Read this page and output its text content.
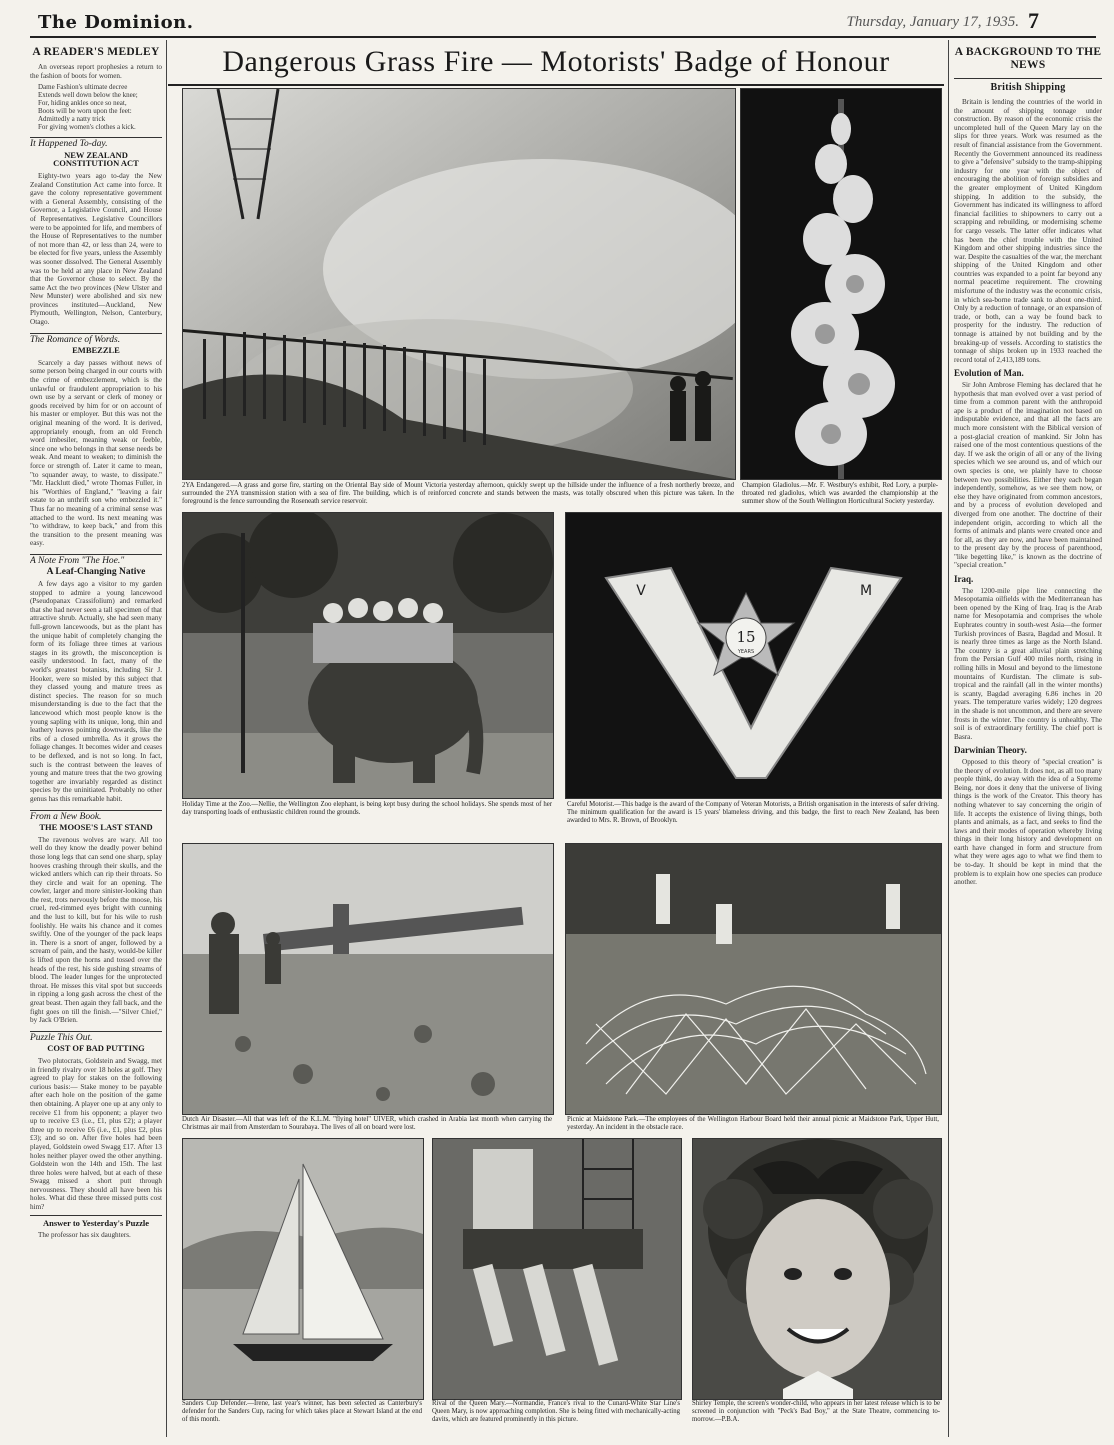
The Dominion.	Thursday, January 17, 1935. 7
A READER'S MEDLEY

An overseas report prophesies a return to the fashion of boots for women.

Dame Fashion's ultimate decree
Extends well down below the knee;
For, hiding ankles once so neat,
Boots will be worn upon the feet:
Admittedly a natty trick
For giving women's clothes a kick.
It Happened To-day.
NEW ZEALAND CONSTITUTION ACT

Eighty-two years ago to-day the New Zealand Constitution Act came into force. It gave the colony representative government with a General Assembly, consisting of the Governor, a Legislative Council, and House of Representatives. Legislative Councillors were to be appointed for life, and members of the House of Representatives to the number of not more than 42, or less than 24, were to be elected for five years, unless the Assembly was sooner dissolved. The General Assembly was to be held at any place in New Zealand that the Governor chose to select. By the same Act the two provinces (New Ulster and New Munster) were abolished and six new provinces instituted—Auckland, New Plymouth, Wellington, Nelson, Canterbury, Otago.

The Romance of Words.
EMBEZZLE

Scarcely a day passes without news of some person being charged in our courts with the crime of embezzlement, which is the unlawful or fraudulent appropriation to his own use by a servant or clerk of money or goods received by him for or on account of his master or employer. But this was not the original meaning of the word. It is derived, appropriately enough, from an old French word imbesiler, meaning weak or feeble, since one who belongs in that sense needs be weak. And meant to weaken; to diminish the force or strength of. Later it came to mean, "to squander away, to waste, to dissipate." "Mr. Hacklutt died," wrote Thomas Fuller, in his "Worthies of England," "leaving a fair estate to an unthrift son who embezzled it." Thus far no meaning of a criminal sense was attached to the word. Its next meaning was "to withdraw, to keep back," and from this the transition to the present meaning was easy.

A Note From "The Hoe."
A Leaf-Changing Native

A few days ago a visitor to my garden stopped to admire a young lancewood (Pseudopanax Crassifolium) and remarked that she had never seen a tall specimen of that attractive shrub. Actually, she had seen many full-grown lancewoods, but as the plant has the unique habit of completely changing the form of its foliage three times at various stages in its growth, the misconception is easily understood. In fact, many of the world's greatest botanists, including Sir J. Hooker, were so misled by this subject that they classed young and mature trees as distinct species. The reason for so much misunderstanding is due to the fact that the lancewood which most people know is the young sapling with its unique, long, thin and leathery leaves pointing downwards, like the ribs of a closed umbrella. As it grows the foliage changes. It becomes wider and ceases to be deflexed, and is not so long. In fact, such is the contrast between the leaves of young and mature trees that the two growing together are invariably regarded as distinct species by the uninitiated. Probably no other genus has this remarkable habit.

From a New Book.
THE MOOSE'S LAST STAND

The ravenous wolves are wary. All too well do they know the deadly power behind those long legs that can send one sharp, splay hooves crashing through their skulls, and the wicked antlers which can rip their throats. So they circle and wait for an opening. The cowler, larger and more sinister-looking than the rest, trots nervously before the moose, his cruel, red-rimmed eyes bright with cunning and the lust to kill, but for his wile to rush foolishly. He waits his chance and it comes swiftly. One of the younger of the pack leaps in. There is a snort of anger, followed by a scream of pain, and the hasty, would-be killer is lifted upon the horns and tossed over the heads of the rest, his side gushing streams of blood. The leader lunges for the unprotected throat. He misses this vital spot but succeeds in ripping a long gash across the chest of the great beast. Then again they fall back, and the fight goes on till the finish.—"Silver Chief," by Jack O'Brien.

Puzzle This Out.
COST OF BAD PUTTING

Two plutocrats, Goldstein and Swagg, met in friendly rivalry over 18 holes at golf. They agreed to play for stakes on the following curious basis:— Stake money to be payable after each hole on the position of the game then obtaining. A player one up at any only to receive £1 from his opponent; a player two up to receive £3 (i.e., £1, plus £2); a player three up to receive £6 (i.e., £1, plus £2, plus £3); and so on. After five holes had been played, Goldstein owed Swagg £17. After 13 holes neither player owed the other anything. Goldstein won the 14th and 15th. The last three holes were halved, but at each of these Swagg missed a short putt through nervousness. They should all have been his holes. What did these three missed putts cost him?

Answer to Yesterday's Puzzle

The professor has six daughters.

A BACKGROUND TO THE NEWS
British Shipping

Britain is lending the countries of the world in the amount of shipping tonnage under construction. By reason of the economic crisis the uncompleted hull of the Queen Mary lay on the slips for three years. Work was resumed as the result of financial assistance from the Government. Recently the Government announced its readiness to give a "defensive" subsidy to the tramp-shipping industry for one year with the object of encouraging the abolition of foreign subsidies and the greater employment of United Kingdom shipping. In addition to the subsidy, the Government has indicated its willingness to afford financial facilities to shipowners to carry out a scrapping and rebuilding, or modernising scheme for cargo vessels. The latter offer indicates what has been the chief trouble with the United Kingdom and other shipping industries since the war. Despite the casualties of the war, the merchant shipping of the United Kingdom and other countries was expanded to a point far beyond any normal peacetime requirement. The crowning misfortune of the industry was the economic crisis, in which sea-borne trade sank to about one-third. Only by a reduction of tonnage, or an expansion of trade, or both, can a way be found back to prosperity for the industry. The reduction of tonnage is attained by not building and by the breaking-up of vessels. According to statistics the tonnage of ships broken up in 1933 reached the record total of 2,413,189 tons.

Evolution of Man.

Sir John Ambrose Fleming has declared that he hypothesis that man evolved over a vast period of time from a common parent with the anthropoid ape is a product of the imagination not based on indisputable evidence, and that all the facts are much more consistent with the Biblical version of a post-glacial creation of mankind. Sir John has raised one of the most contentious questions of the day. If we ask the origin of all or any of the living species which we see around us, and of which our own species is one, we plainly have to choose between two possibilities. Either they each began independently, somehow, as we see them now, or else they have originated from common ancestors, and by a process of evolution developed and diverged from one another. The doctrine of their independent origin, according to which all the forms of animals and plants were created once and for all, as they are now, and have been maintained to the present day by the process of parenthood, "like begetting like," is known as the doctrine of "special creation."

Iraq.

The 1200-mile pipe line connecting the Mesopotamia oilfields with the Mediterranean has been opened by the King of Iraq. Iraq is the Arab name for Mesopotamia and comprises the whole Euphrates country in south-west Asia—the former Turkish provinces of Basra, Bagdad and Mosul. It is nearly three times as large as the North Island. The country is a great alluvial plain stretching from the Persian Gulf 400 miles north, rising in rolling hills in Mosul and beyond to the limestone mountains of Kurdistan. The climate is sub-tropical and the rainfall (all in the winter months) is scanty, Bagdad averaging 6.86 inches in 20 years. The temperature varies widely; 120 degrees in the shade is not uncommon, and there are severe frosts in the winter. The country is unhealthy. The soil is of extraordinary fertility. The chief port is Basra.

Darwinian Theory.

Opposed to this theory of "special creation" is the theory of evolution. It does not, as all too many people think, do away with the idea of a Supreme Being, nor does it deny that the universe of living things is the work of the Creator. This theory has nothing whatever to say concerning the origin of life. It accepts the existence of living things, both plants and animals, as a fact, and seeks to find the laws and their modes of operation whereby living things in their long history and development on earth have changed in form and structure from what they were ages ago to what we find them to be to-day. It should be kept in mind that the problem is to explain how one species can produce another.

Dangerous Grass Fire — Motorists' Badge of Honour
2YA Endangered.—A grass and gorse fire, starting on the Oriental Bay side of Mount Victoria yesterday afternoon, quickly swept up the hillside under the influence of a fresh northerly breeze, and surrounded the 2YA transmission station with a sea of fire. The building, which is of reinforced concrete and stands between the masts, was totally obscured when this picture was taken. In the foreground is the fence surrounding the Roseneath service reservoir.
Champion Gladiolus.—Mr. F. Westbury's exhibit, Red Lory, a purple-throated red gladiolus, which was awarded the championship at the summer show of the South Wellington Horticultural Society yesterday.
Holiday Time at the Zoo.—Nellie, the Wellington Zoo elephant, is being kept busy during the school holidays. She spends most of her day transporting loads of enthusiastic children round the grounds.
15
YEARS
V	M
Careful Motorist.—This badge is the award of the Company of Veteran Motorists, a British organisation in the interests of safer driving. The minimum qualification for the award is 15 years' blameless driving, and this badge, the first to reach New Zealand, has been awarded to Mrs. R. Brown, of Brooklyn.
Dutch Air Disaster.—All that was left of the K.L.M. "flying hotel" UIVER, which crashed in Arabia last month when carrying the Christmas air mail from Amsterdam to Sourabaya. The lives of all on board were lost.
Picnic at Maidstone Park.—The employees of the Wellington Harbour Board held their annual picnic at Maidstone Park, Upper Hutt, yesterday. An incident in the obstacle race.
Sanders Cup Defender.—Irene, last year's winner, has been selected as Canterbury's defender for the Sanders Cup, racing for which takes place at Stewart Island at the end of this month.
Rival of the Queen Mary.—Normandie, France's rival to the Cunard-White Star Line's Queen Mary, is now approaching completion. She is being fitted with mechanically-acting davits, which are featured prominently in this picture.
Shirley Temple, the screen's wonder-child, who appears in her latest release which is to be screened in conjunction with "Peck's Bad Boy," at the State Theatre, commencing to-morrow.—P.B.A.
